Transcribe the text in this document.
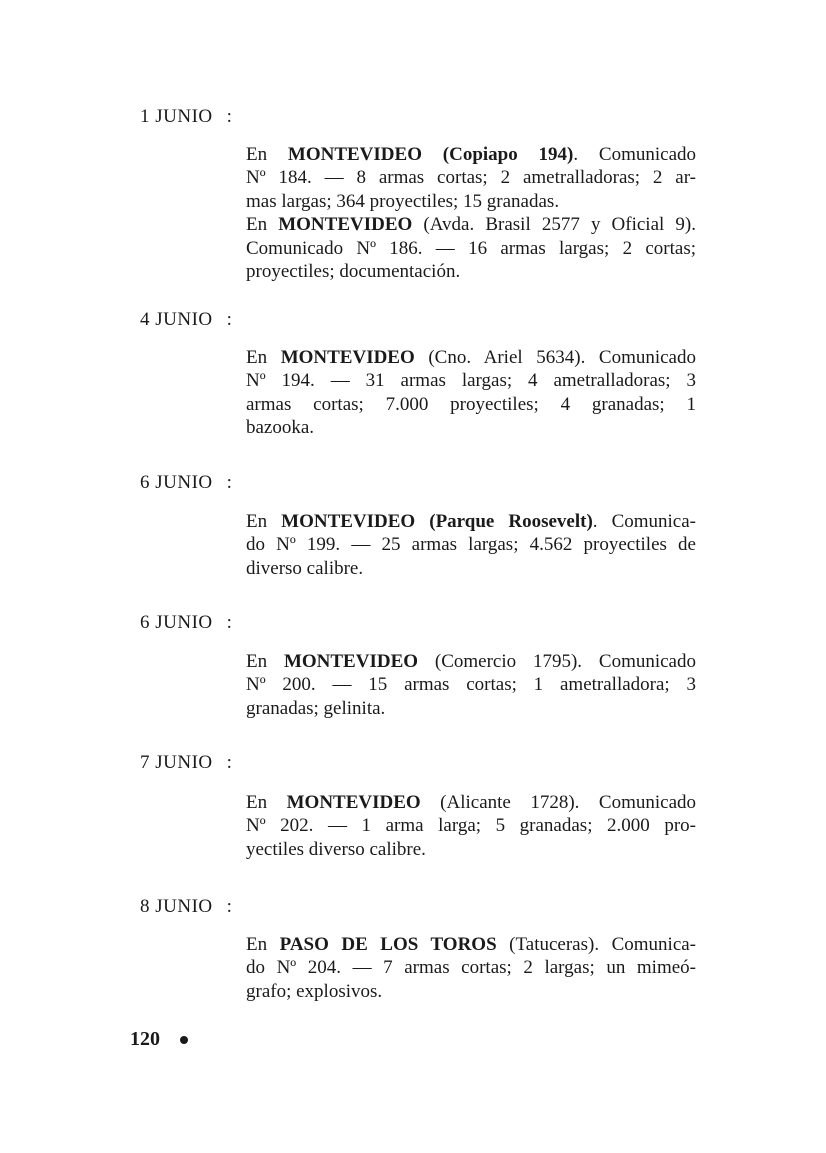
1 JUNIO :
En MONTEVIDEO (Copiapo 194). Comunicado
Nº 184. — 8 armas cortas; 2 ametralladoras; 2 ar-
mas largas; 364 proyectiles; 15 granadas.
En MONTEVIDEO (Avda. Brasil 2577 y Oficial 9).
Comunicado Nº 186. — 16 armas largas; 2 cortas;
proyectiles; documentación.
4 JUNIO :
En MONTEVIDEO (Cno. Ariel 5634). Comunicado
Nº 194. — 31 armas largas; 4 ametralladoras; 3
armas cortas; 7.000 proyectiles; 4 granadas; 1
bazooka.
6 JUNIO :
En MONTEVIDEO (Parque Roosevelt). Comunica-
do Nº 199. — 25 armas largas; 4.562 proyectiles de
diverso calibre.
6 JUNIO :
En MONTEVIDEO (Comercio 1795). Comunicado
Nº 200. — 15 armas cortas; 1 ametralladora; 3
granadas; gelinita.
7 JUNIO :
En MONTEVIDEO (Alicante 1728). Comunicado
Nº 202. — 1 arma larga; 5 granadas; 2.000 pro-
yectiles diverso calibre.
8 JUNIO :
En PASO DE LOS TOROS (Tatuceras). Comunica-
do Nº 204. — 7 armas cortas; 2 largas; un mimeó-
grafo; explosivos.
120
